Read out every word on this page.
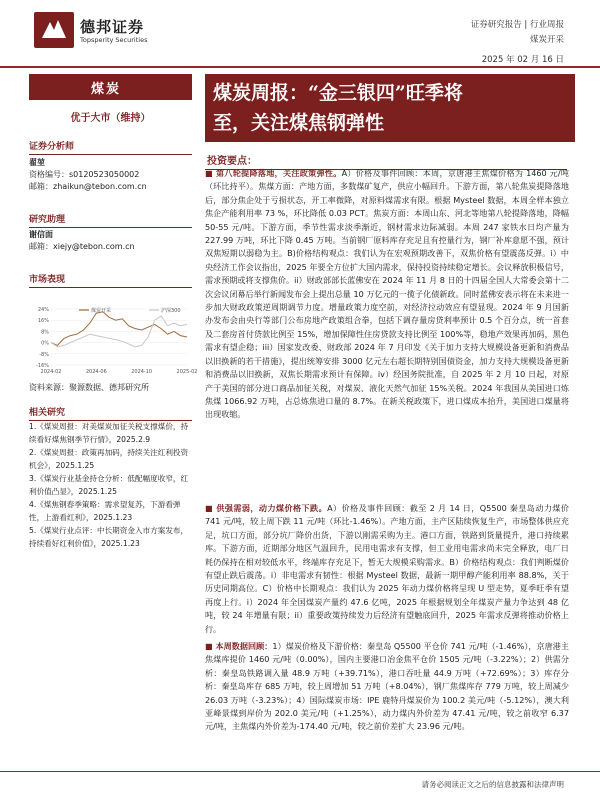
德邦证券
Topsperity Securities
证券研究报告 | 行业周报
煤炭开采
2025 年 02 月 16 日
煤炭
优于大市（维持）
证券分析师
翟堃
资格编号：s0120523050002
邮箱：zhaikun@tebon.com.cn
研究助理
谢信面
邮箱：xiejy@tebon.com.cn
市场表现
24%
16%
8%
0%
-8%
-16%
2024-02	2024-06	2024-10	2025-02
煤炭开采	沪深300
资料来源：聚源数据、德邦研究所
相关研究
1.《煤炭周报：对美煤炭加征关税支撑煤价，持续看好煤焦钢季节行情》，2025.2.9
2.《煤炭周报：政策再加码，持续关注红利投资机会》，2025.1.25
3.《煤炭行业基金持仓分析：低配幅度收窄，红利价值凸显》，2025.1.25
4.《煤焦钢春季策略：需求望复苏，下游看弹性，上游看红利》，2025.1.23
5.《煤炭行业点评：中长期资金入市方案发布，持续看好红利价值》，2025.1.23
煤炭周报：“金三银四”旺季将
至，关注煤焦钢弹性
投资要点：
■ 第八轮提降落地，关注政策弹性。A）价格及事件回顾：本周，京唐港主焦煤价格为 1460 元/吨（环比持平）。焦煤方面：产地方面，多数煤矿复产，供应小幅回升。下游方面，第八轮焦炭提降落地后，部分焦企处于亏损状态，开工率微降，对原料煤需求有限。根据 Mysteel 数据，本周全样本独立焦企产能利用率 73 %，环比降低 0.03 PCT。焦炭方面：本周山东、河北等地第八轮提降落地，降幅 50-55 元/吨。下游方面，季节性需求淡季渐近，钢材需求边际减弱。本周 247 家铁水日均产量为 227.99 万吨，环比下降 0.45 万吨。当前钢厂原料库存充足且有控量行为，钢厂补库意愿不强，预计双焦短期以弱稳为主。B)价格结构观点：我们认为在宏观预期改善下，双焦价格有望震荡反弹。i）中央经济工作会议指出，2025 年要全方位扩大国内需求，保持投资持续稳定增长。会议释放积极信号，需求预期或将支撑焦价。ii）财政部部长蓝佛安在 2024 年 11 月 8 日的十四届全国人大常委会第十二次会议闭幕后举行新闻发布会上提出总量 10 万亿元的一揽子化债新政。同时蓝佛安表示将在未来进一步加大财政政策逆周期调节力度。增量政策力度空前，对经济拉动效应有望显现。2024 年 9 月国新办发布会由央行等部门公布房地产政策组合拳，包括下调存量房贷利率预计 0.5 个百分点，统一首套及二套房首付贷款比例至 15%，增加保障性住房贷款支持比例至 100%等，稳地产效果再加码，黑色需求有望企稳；iii）国家发改委、财政部 2024 年 7 月印发《关于加力支持大规模设备更新和消费品以旧换新的若干措施》，提出统筹安排 3000 亿元左右超长期特别国债资金，加力支持大规模设备更新和消费品以旧换新，双焦长期需求预计有保障。iv）经国务院批准，自 2025 年 2 月 10 日起，对原产于美国的部分进口商品加征关税，对煤炭、液化天然气加征 15%关税。2024 年我国从美国进口炼焦煤 1066.92 万吨，占总炼焦进口量的 8.7%。在新关税政策下，进口煤成本抬升，美国进口煤量将出现收缩。
■ 供强需弱，动力煤价格下跌。A）价格及事件回顾：截至 2 月 14 日，Q5500 秦皇岛动力煤价 741 元/吨，较上周下跌 11 元/吨（环比-1.46%）。产地方面，主产区陆续恢复生产，市场整体供应充足，坑口方面，部分坑厂降价出货，下游以刚需采购为主。港口方面，铁路到货量提升，港口持续累库。下游方面，近期部分地区气温回升，民用电需求有支撑，但工业用电需求尚未完全释放，电厂日耗仍保持在相对较低水平，终端库存充足下，暂无大规模采购需求。B）价格结构观点：我们判断煤价有望止跌后震荡。i）非电需求有韧性：根据 Mysteel 数据，最新一期甲醇产能利用率 88.8%，关于历史同期高位。C）价格中长期观点：我们认为 2025 年动力煤价格将呈现 U 型走势，夏季旺季有望再度上行。i）2024 年全国煤炭产量约 47.6 亿吨，2025 年根据规划全年煤炭产量力争达到 48 亿吨，较 24 年增量有限；ii）重要政策持续发力后经济有望触底回升，2025 年需求反弹将推动价格上行。
■ 本周数据回顾：1）煤炭价格及下游价格：秦皇岛 Q5500 平仓价 741 元/吨（-1.46%），京唐港主焦煤库提价 1460 元/吨（0.00%），国内主要港口冶金焦平仓价 1505 元/吨（-3.22%）；2）供需分析：秦皇岛铁路调入量 48.9 万吨（+39.71%），港口吞吐量 44.9 万吨（+72.69%）；3）库存分析：秦皇岛库存 685 万吨，较上周增加 51 万吨（+8.04%），钢厂焦煤库存 779 万吨，较上周减少 26.03 万吨（-3.23%）；4）国际煤炭市场：IPE 鹿特丹煤炭价为 100.2 美元/吨（-5.12%），澳大利亚峰景煤到岸价为 202.0 美元/吨（+1.25%），动力煤内外价差为 47.41 元/吨，较之前收窄 6.37 元/吨，主焦煤内外价差为-174.40 元/吨，较之前价差扩大 23.96 元/吨。
请务必阅读正文之后的信息披露和法律声明
